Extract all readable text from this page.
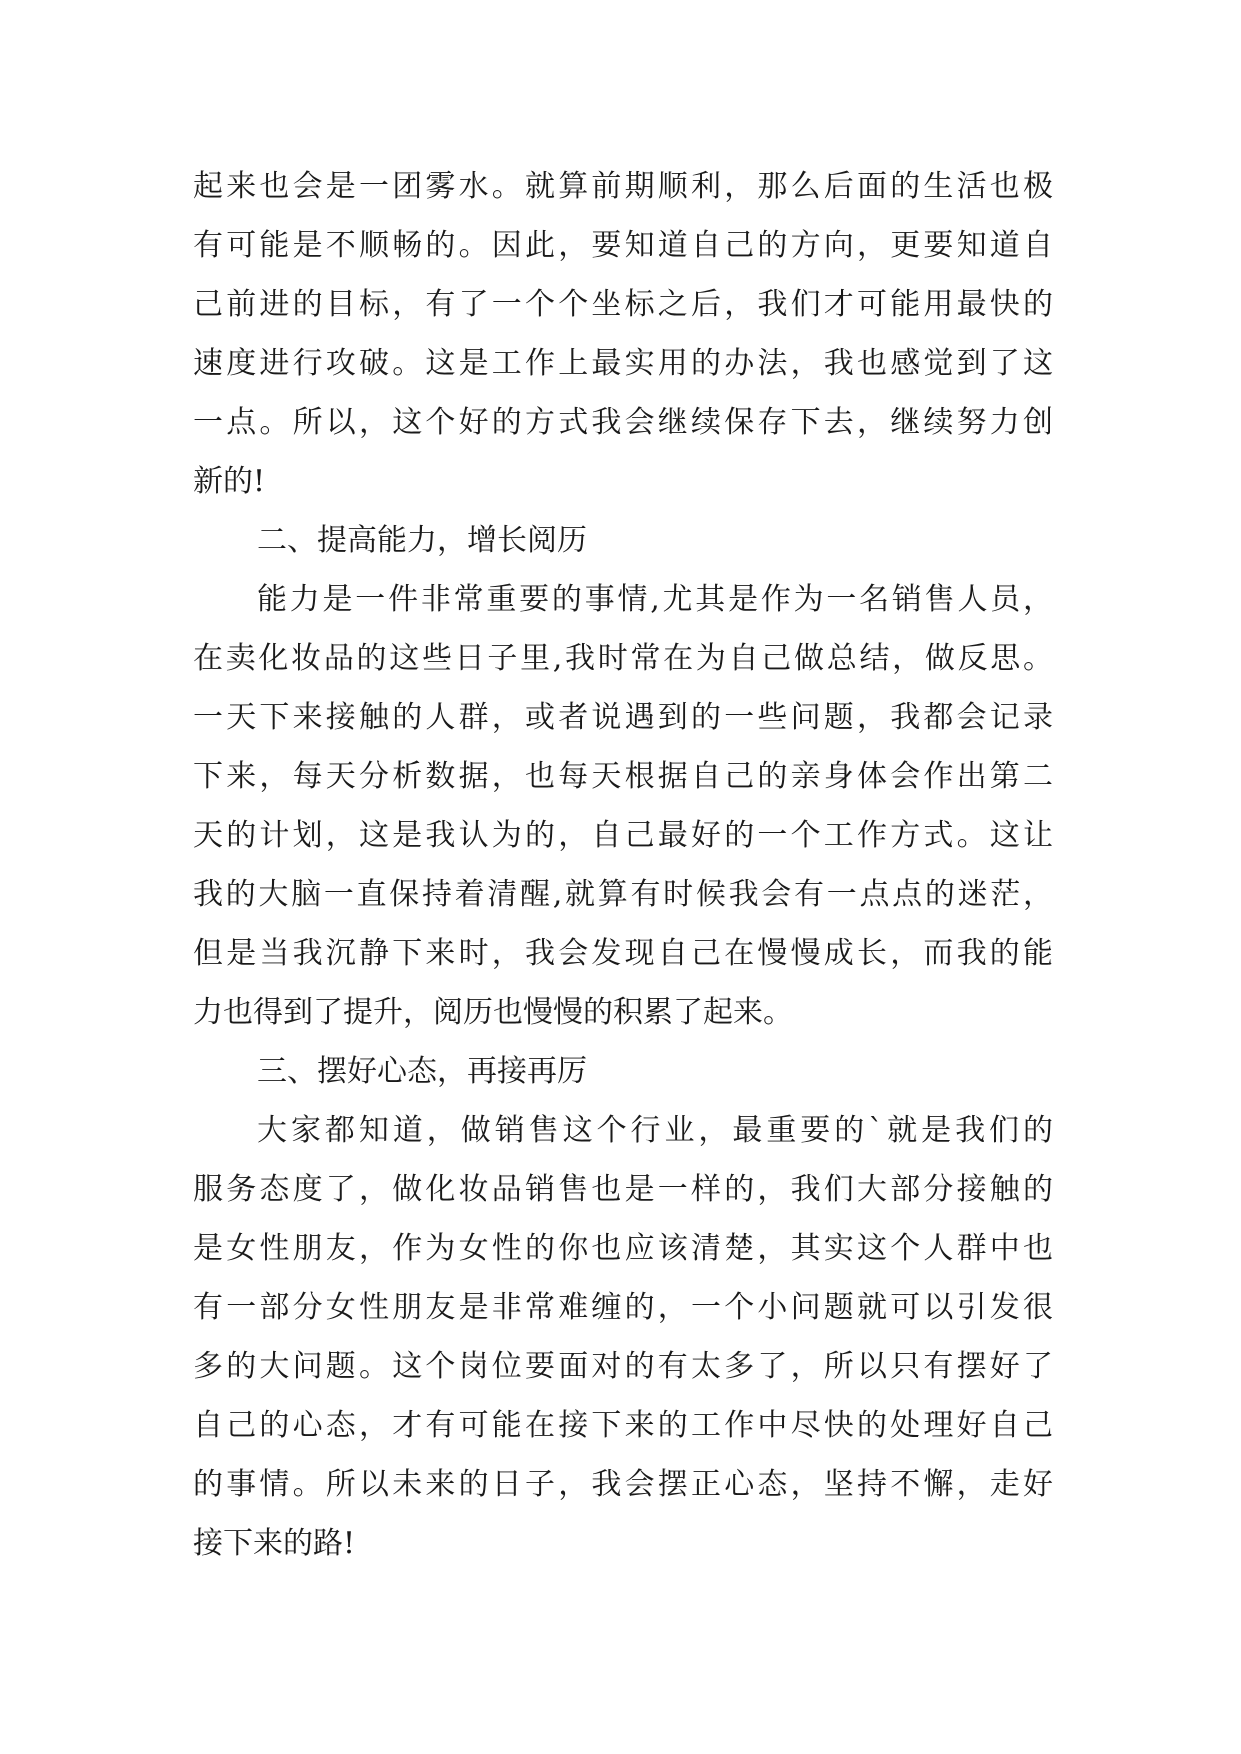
起来也会是一团雾水。就算前期顺利，那么后面的生活也极
有可能是不顺畅的。因此，要知道自己的方向，更要知道自
己前进的目标，有了一个个坐标之后，我们才可能用最快的
速度进行攻破。这是工作上最实用的办法，我也感觉到了这
一点。所以，这个好的方式我会继续保存下去，继续努力创
新的!
二、提高能力，增长阅历
能力是一件非常重要的事情,尤其是作为一名销售人员，
在卖化妆品的这些日子里,我时常在为自己做总结，做反思。
一天下来接触的人群，或者说遇到的一些问题，我都会记录
下来，每天分析数据，也每天根据自己的亲身体会作出第二
天的计划，这是我认为的，自己最好的一个工作方式。这让
我的大脑一直保持着清醒,就算有时候我会有一点点的迷茫，
但是当我沉静下来时，我会发现自己在慢慢成长，而我的能
力也得到了提升，阅历也慢慢的积累了起来。
三、摆好心态，再接再厉
大家都知道，做销售这个行业，最重要的`就是我们的
服务态度了，做化妆品销售也是一样的，我们大部分接触的
是女性朋友，作为女性的你也应该清楚，其实这个人群中也
有一部分女性朋友是非常难缠的，一个小问题就可以引发很
多的大问题。这个岗位要面对的有太多了，所以只有摆好了
自己的心态，才有可能在接下来的工作中尽快的处理好自己
的事情。所以未来的日子，我会摆正心态，坚持不懈，走好
接下来的路!
